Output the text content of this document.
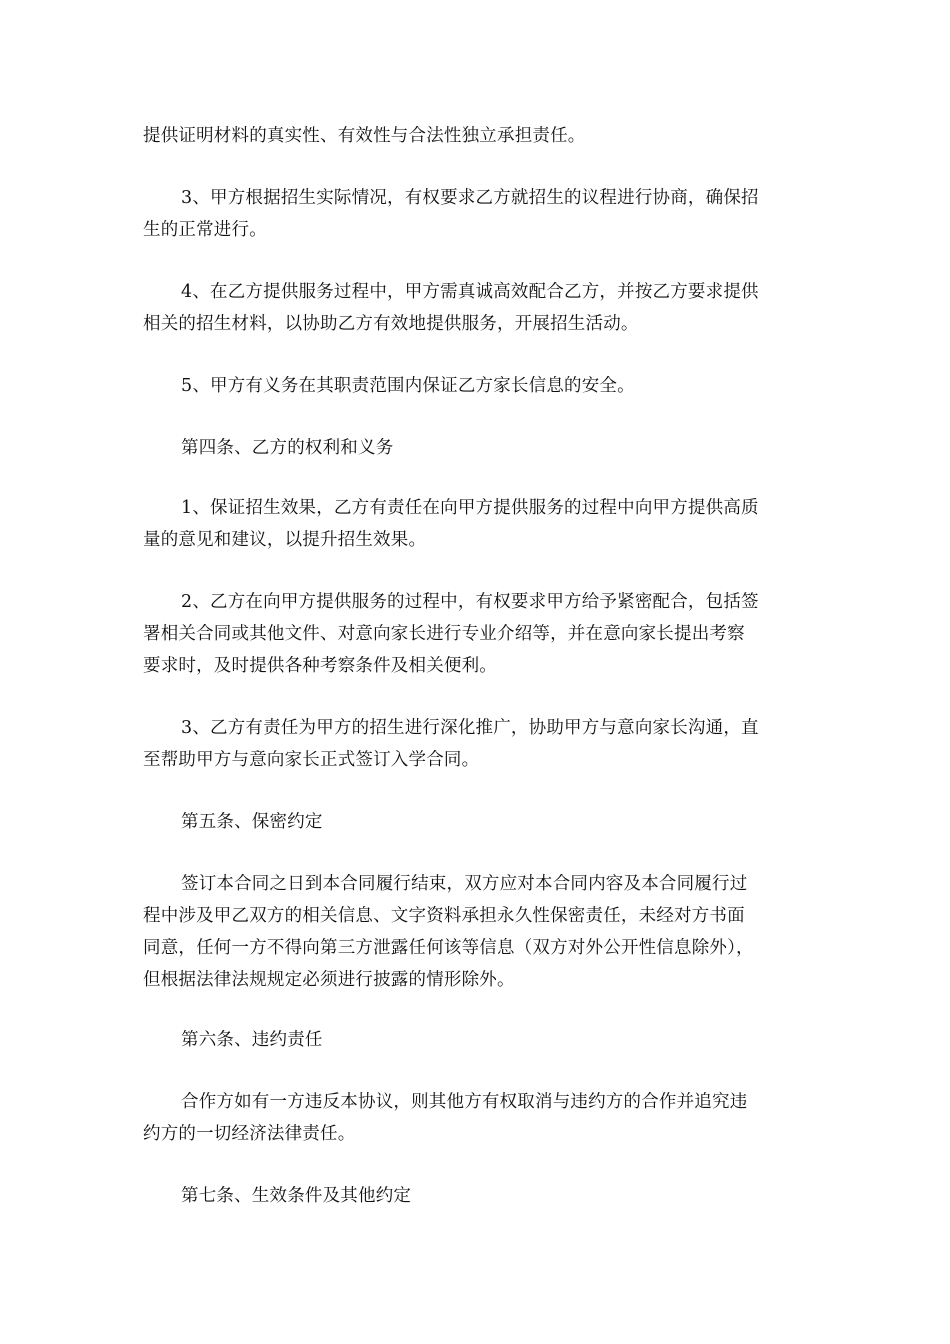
提供证明材料的真实性、有效性与合法性独立承担责任。
3、甲方根据招生实际情况，有权要求乙方就招生的议程进行协商，确保招
生的正常进行。
4、在乙方提供服务过程中，甲方需真诚高效配合乙方，并按乙方要求提供
相关的招生材料，以协助乙方有效地提供服务，开展招生活动。
5、甲方有义务在其职责范围内保证乙方家长信息的安全。
第四条、乙方的权利和义务
1、保证招生效果，乙方有责任在向甲方提供服务的过程中向甲方提供高质
量的意见和建议，以提升招生效果。
2、乙方在向甲方提供服务的过程中，有权要求甲方给予紧密配合，包括签
署相关合同或其他文件、对意向家长进行专业介绍等，并在意向家长提出考察
要求时，及时提供各种考察条件及相关便利。
3、乙方有责任为甲方的招生进行深化推广，协助甲方与意向家长沟通，直
至帮助甲方与意向家长正式签订入学合同。
第五条、保密约定
签订本合同之日到本合同履行结束，双方应对本合同内容及本合同履行过
程中涉及甲乙双方的相关信息、文字资料承担永久性保密责任，未经对方书面
同意，任何一方不得向第三方泄露任何该等信息（双方对外公开性信息除外），
但根据法律法规规定必须进行披露的情形除外。
第六条、违约责任
合作方如有一方违反本协议，则其他方有权取消与违约方的合作并追究违
约方的一切经济法律责任。
第七条、生效条件及其他约定
